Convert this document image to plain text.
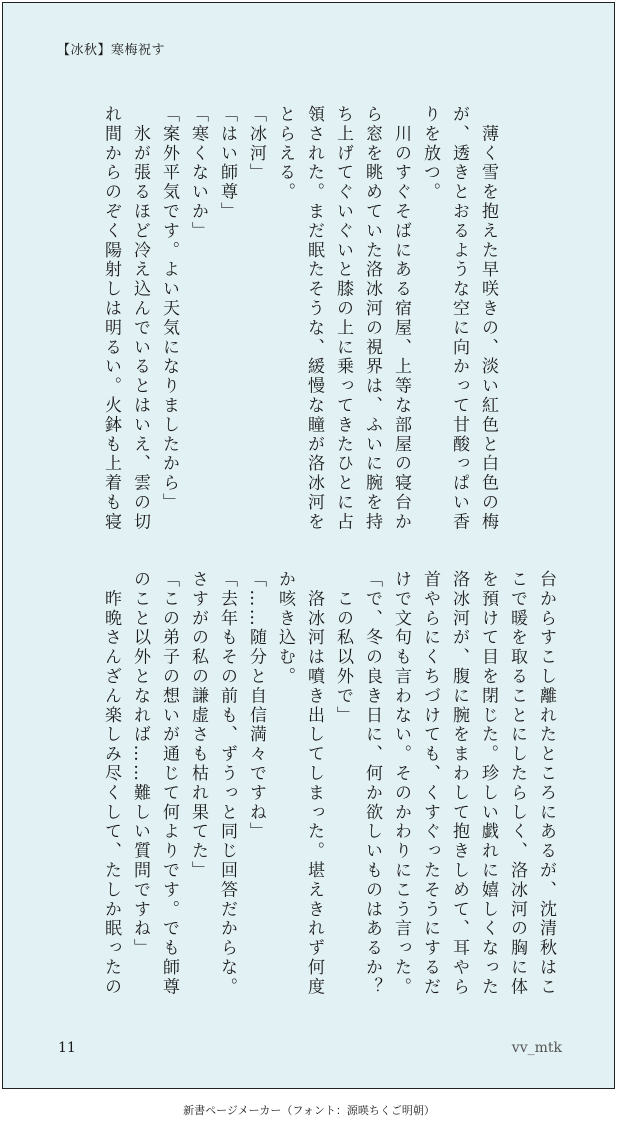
【冰秋】寒梅祝す

　薄く雪を抱えた早咲きの、淡い紅色と白色の梅

が、透きとおるような空に向かって甘酸っぱい香

りを放つ。

　川のすぐそばにある宿屋、上等な部屋の寝台か

ら窓を眺めていた洛冰河の視界は、ふいに腕を持

ち上げてぐいぐいと膝の上に乗ってきたひとに占

領された。まだ眠たそうな、緩慢な瞳が洛冰河を

とらえる。

「冰河」

「はい師尊」

「寒くないか」

「案外平気です。よい天気になりましたから」

　氷が張るほど冷え込んでいるとはいえ、雲の切

れ間からのぞく陽射しは明るい。火鉢も上着も寝

台からすこし離れたところにあるが、沈清秋はこ

こで暖を取ることにしたらしく、洛冰河の胸に体

を預けて目を閉じた。珍しい戯れに嬉しくなった

洛冰河が、腹に腕をまわして抱きしめて、耳やら

首やらにくちづけても、くすぐったそうにするだ

けで文句も言わない。そのかわりにこう言った。

「で、冬の良き日に、何か欲しいものはあるか？

　この私以外で」

　洛冰河は噴き出してしまった。堪えきれず何度

か咳き込む。

「……随分と自信満々ですね」

「去年もその前も、ずうっと同じ回答だからな。

さすがの私の謙虚さも枯れ果てた」

「この弟子の想いが通じて何よりです。でも師尊

のこと以外となれば……難しい質問ですね」

　昨晩さんざん楽しみ尽くして、たしか眠ったの

11	vv_mtk
新書ページメーカー（フォント：源暎ちくご明朝）
